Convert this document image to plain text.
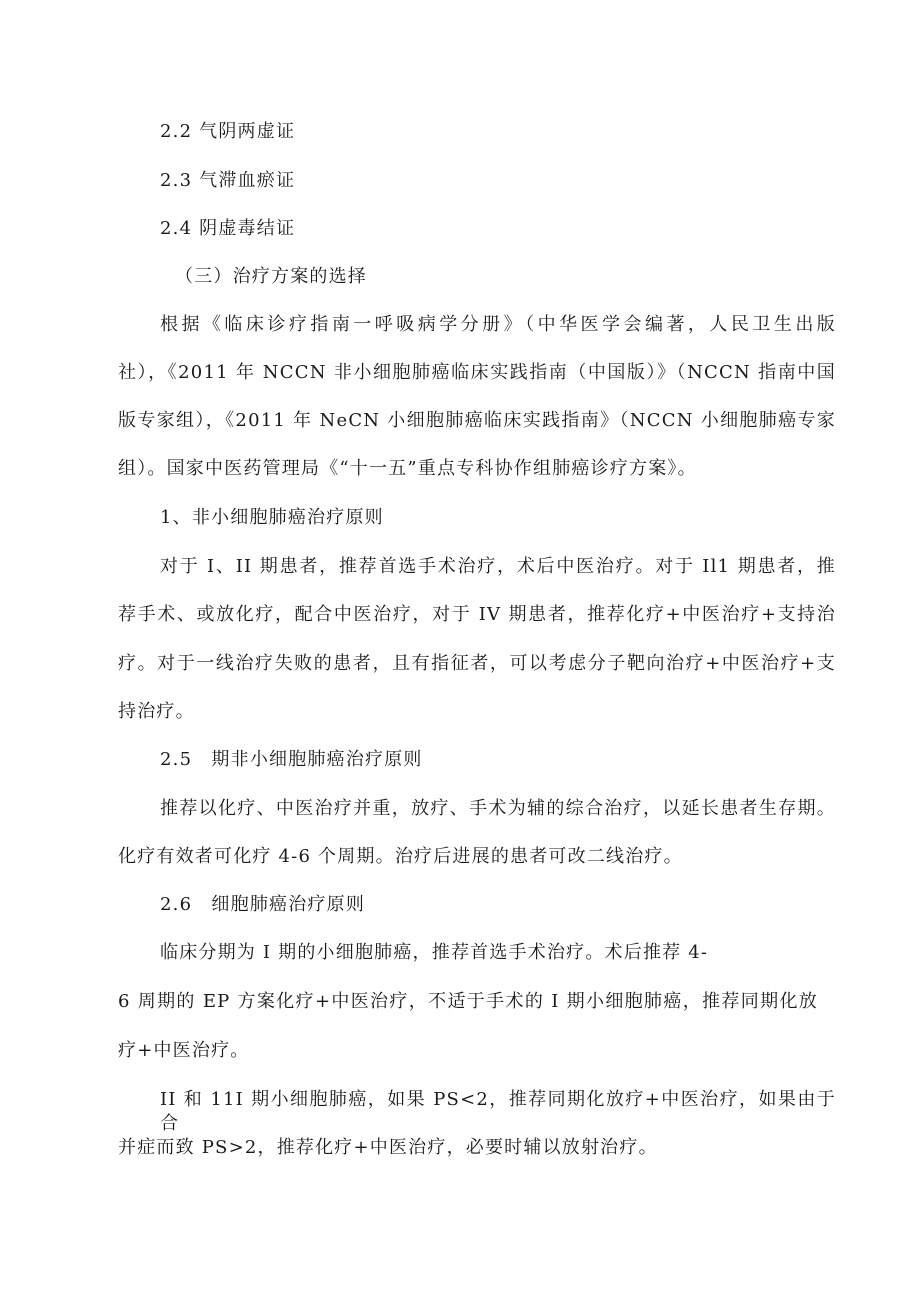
2.2 气阴两虚证
2.3 气滞血瘀证
2.4 阴虚毒结证
（三）治疗方案的选择
根据《临床诊疗指南一呼吸病学分册》（中华医学会编著，人民卫生出版
社），《2011 年 NCCN 非小细胞肺癌临床实践指南（中国版）》（NCCN 指南中国
版专家组），《2011 年 NeCN 小细胞肺癌临床实践指南》（NCCN 小细胞肺癌专家
组）。国家中医药管理局《“十一五”重点专科协作组肺癌诊疗方案》。
1、非小细胞肺癌治疗原则
对于 I、II 期患者，推荐首选手术治疗，术后中医治疗。对于 Il1 期患者，推
荐手术、或放化疗，配合中医治疗，对于 IV 期患者，推荐化疗+中医治疗+支持治
疗。对于一线治疗失败的患者，且有指征者，可以考虑分子靶向治疗+中医治疗+支
持治疗。
2.5　期非小细胞肺癌治疗原则
推荐以化疗、中医治疗并重，放疗、手术为辅的综合治疗，以延长患者生存期。
化疗有效者可化疗 4-6 个周期。治疗后进展的患者可改二线治疗。
2.6　细胞肺癌治疗原则
临床分期为 I 期的小细胞肺癌，推荐首选手术治疗。术后推荐 4-
6 周期的 EP 方案化疗+中医治疗，不适于手术的 I 期小细胞肺癌，推荐同期化放
疗+中医治疗。
II 和 11I 期小细胞肺癌，如果 PS<2，推荐同期化放疗+中医治疗，如果由于合
并症而致 PS>2，推荐化疗+中医治疗，必要时辅以放射治疗。
